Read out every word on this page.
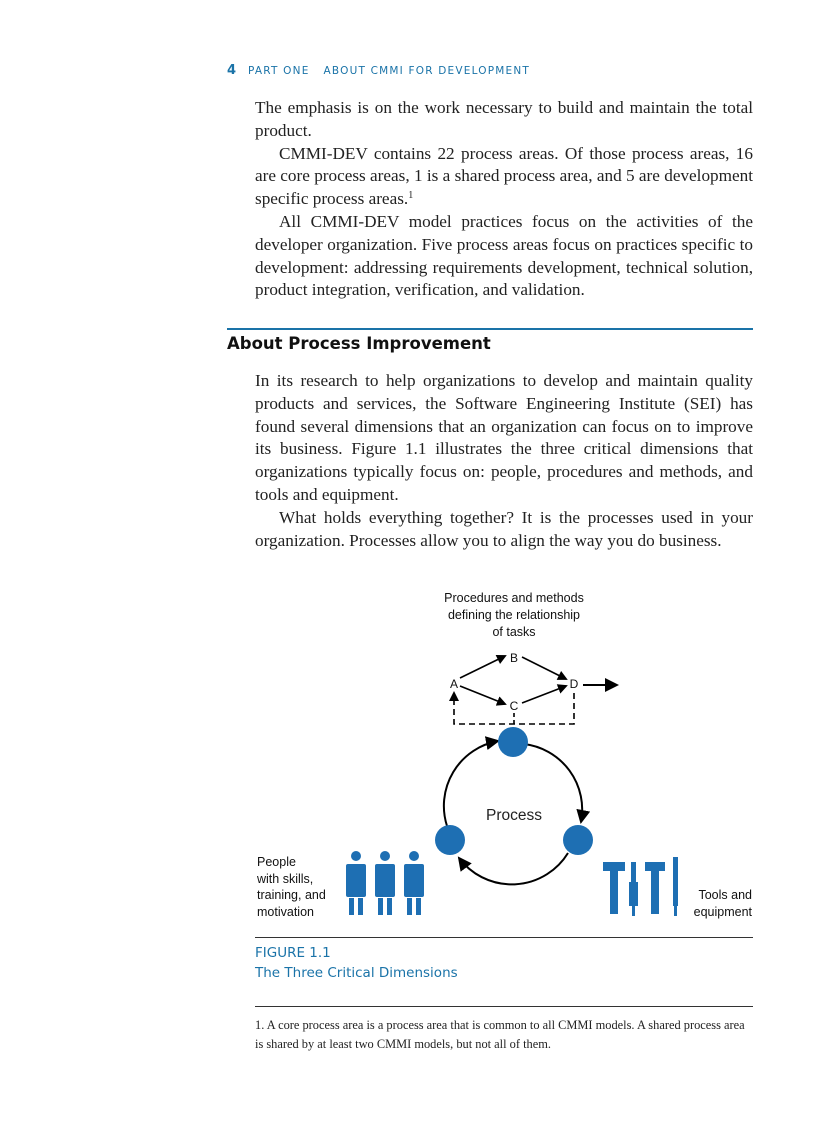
4 PART ONE ABOUT CMMI FOR DEVELOPMENT

The emphasis is on the work necessary to build and maintain the total product.

CMMI-DEV contains 22 process areas. Of those process areas, 16 are core process areas, 1 is a shared process area, and 5 are development specific process areas.$^1$

All CMMI-DEV model practices focus on the activities of the developer organization. Five process areas focus on practices specific to development: addressing requirements development, technical solution, product integration, verification, and validation.

About Process Improvement

In its research to help organizations to develop and maintain quality products and services, the Software Engineering Institute (SEI) has found several dimensions that an organization can focus on to improve its business. Figure 1.1 illustrates the three critical dimensions that organizations typically focus on: people, procedures and methods, and tools and equipment.

What holds everything together? It is the processes used in your organization. Processes allow you to align the way you do business.

Procedures and methods
defining the relationship
of tasks
B
A
C
D
Process
People
with skills,
training, and
motivation
Tools and
equipment
FIGURE 1.1
The Three Critical Dimensions
1. A core process area is a process area that is common to all CMMI models. A shared process area is shared by at least two CMMI models, but not all of them.
